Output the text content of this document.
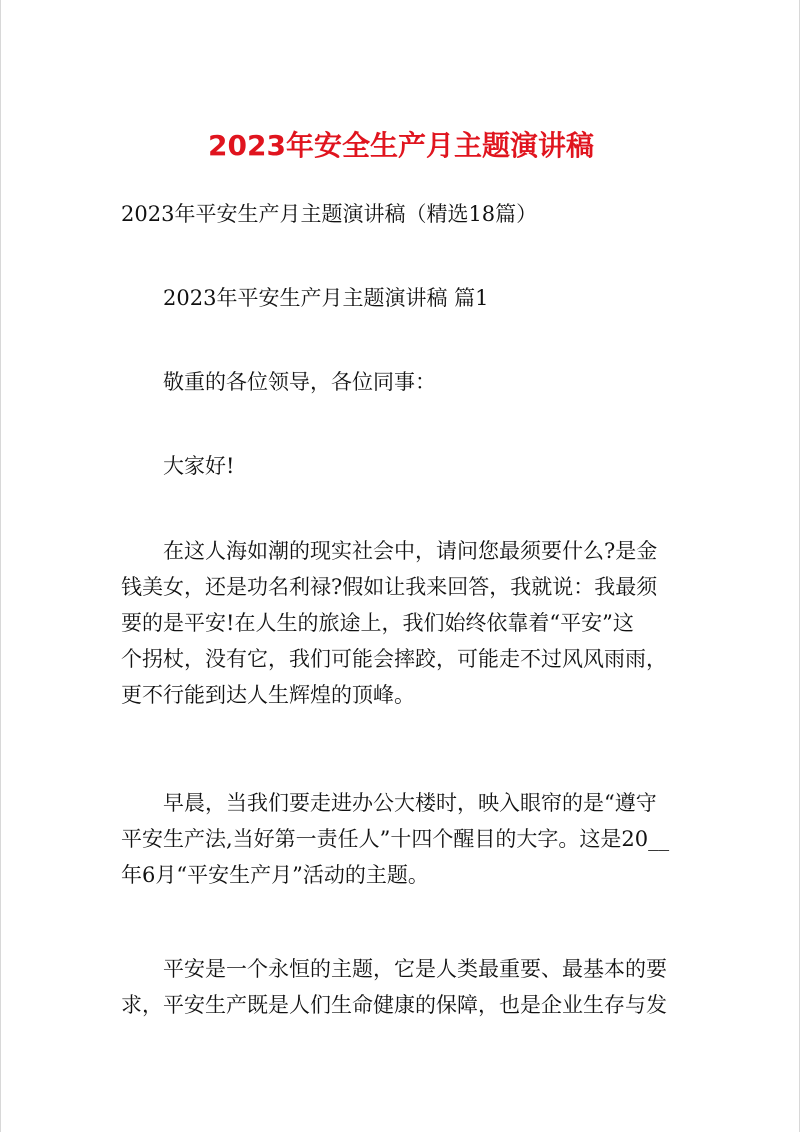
2023年安全生产月主题演讲稿

2023年平安生产月主题演讲稿（精选18篇）

2023年平安生产月主题演讲稿 篇1

敬重的各位领导，各位同事：

大家好!

在这人海如潮的现实社会中，请问您最须要什么?是金
钱美女，还是功名利禄?假如让我来回答，我就说：我最须
要的是平安!在人生的旅途上，我们始终依靠着“平安”这
个拐杖，没有它，我们可能会摔跤，可能走不过风风雨雨，
更不行能到达人生辉煌的顶峰。
早晨，当我们要走进办公大楼时，映入眼帘的是“遵守
平安生产法,当好第一责任人”十四个醒目的大字。这是20__
年6月“平安生产月”活动的主题。
平安是一个永恒的主题，它是人类最重要、最基本的要
求，平安生产既是人们生命健康的保障，也是企业生存与发
